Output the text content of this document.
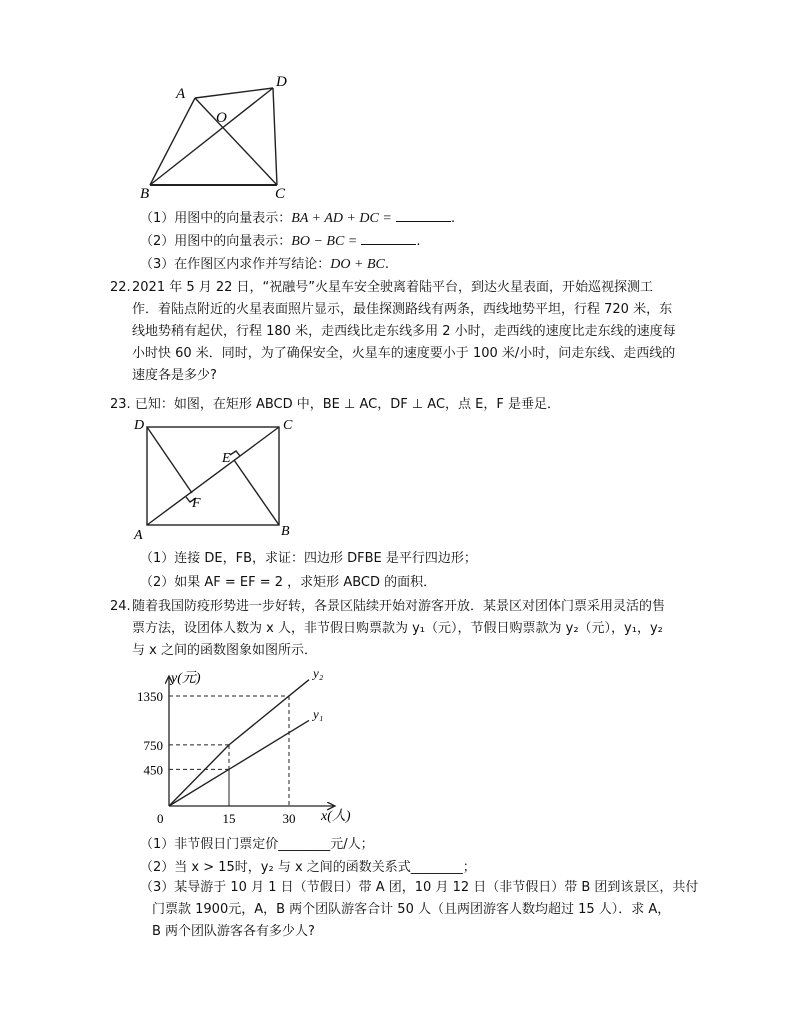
A
D
O
B	C
（1）用图中的向量表示：BA + AD + DC =	.
（2）用图中的向量表示：BO − BC =	.
（3）在作图区内求作并写结论：DO + BC.
22. 2021 年 5 月 22 日，“祝融号”火星车安全驶离着陆平台，到达火星表面，开始巡视探测工
作．着陆点附近的火星表面照片显示，最佳探测路线有两条，西线地势平坦，行程 720 米，东
线地势稍有起伏，行程 180 米，走西线比走东线多用 2 小时，走西线的速度比走东线的速度每
小时快 60 米．同时，为了确保安全，火星车的速度要小于 100 米/小时，问走东线、走西线的
速度各是多少?
23. 已知：如图，在矩形 ABCD 中，BE ⊥ AC，DF ⊥ AC，点 E，F 是垂足．
D	C
E
F
A	B
（1）连接 DE，FB，求证：四边形 DFBE 是平行四边形；
（2）如果 AF = EF = 2 ，求矩形 ABCD 的面积．
24. 随着我国防疫形势进一步好转，各景区陆续开始对游客开放．某景区对团体门票采用灵活的售
票方法，设团体人数为 x 人，非节假日购票款为 y₁（元），节假日购票款为 y₂（元），y₁，y₂
与 x 之间的函数图象如图所示．
y(元)
x(人)
0	15	30
450
750
1350
y₂
y₁
（1）非节假日门票定价________元/人；
（2）当 x > 15时，y₂ 与 x 之间的函数关系式________；
（3）某导游于 10 月 1 日（节假日）带 A 团，10 月 12 日（非节假日）带 B 团到该景区，共付
门票款 1900元，A，B 两个团队游客合计 50 人（且两团游客人数均超过 15 人）．求 A，
B 两个团队游客各有多少人?
